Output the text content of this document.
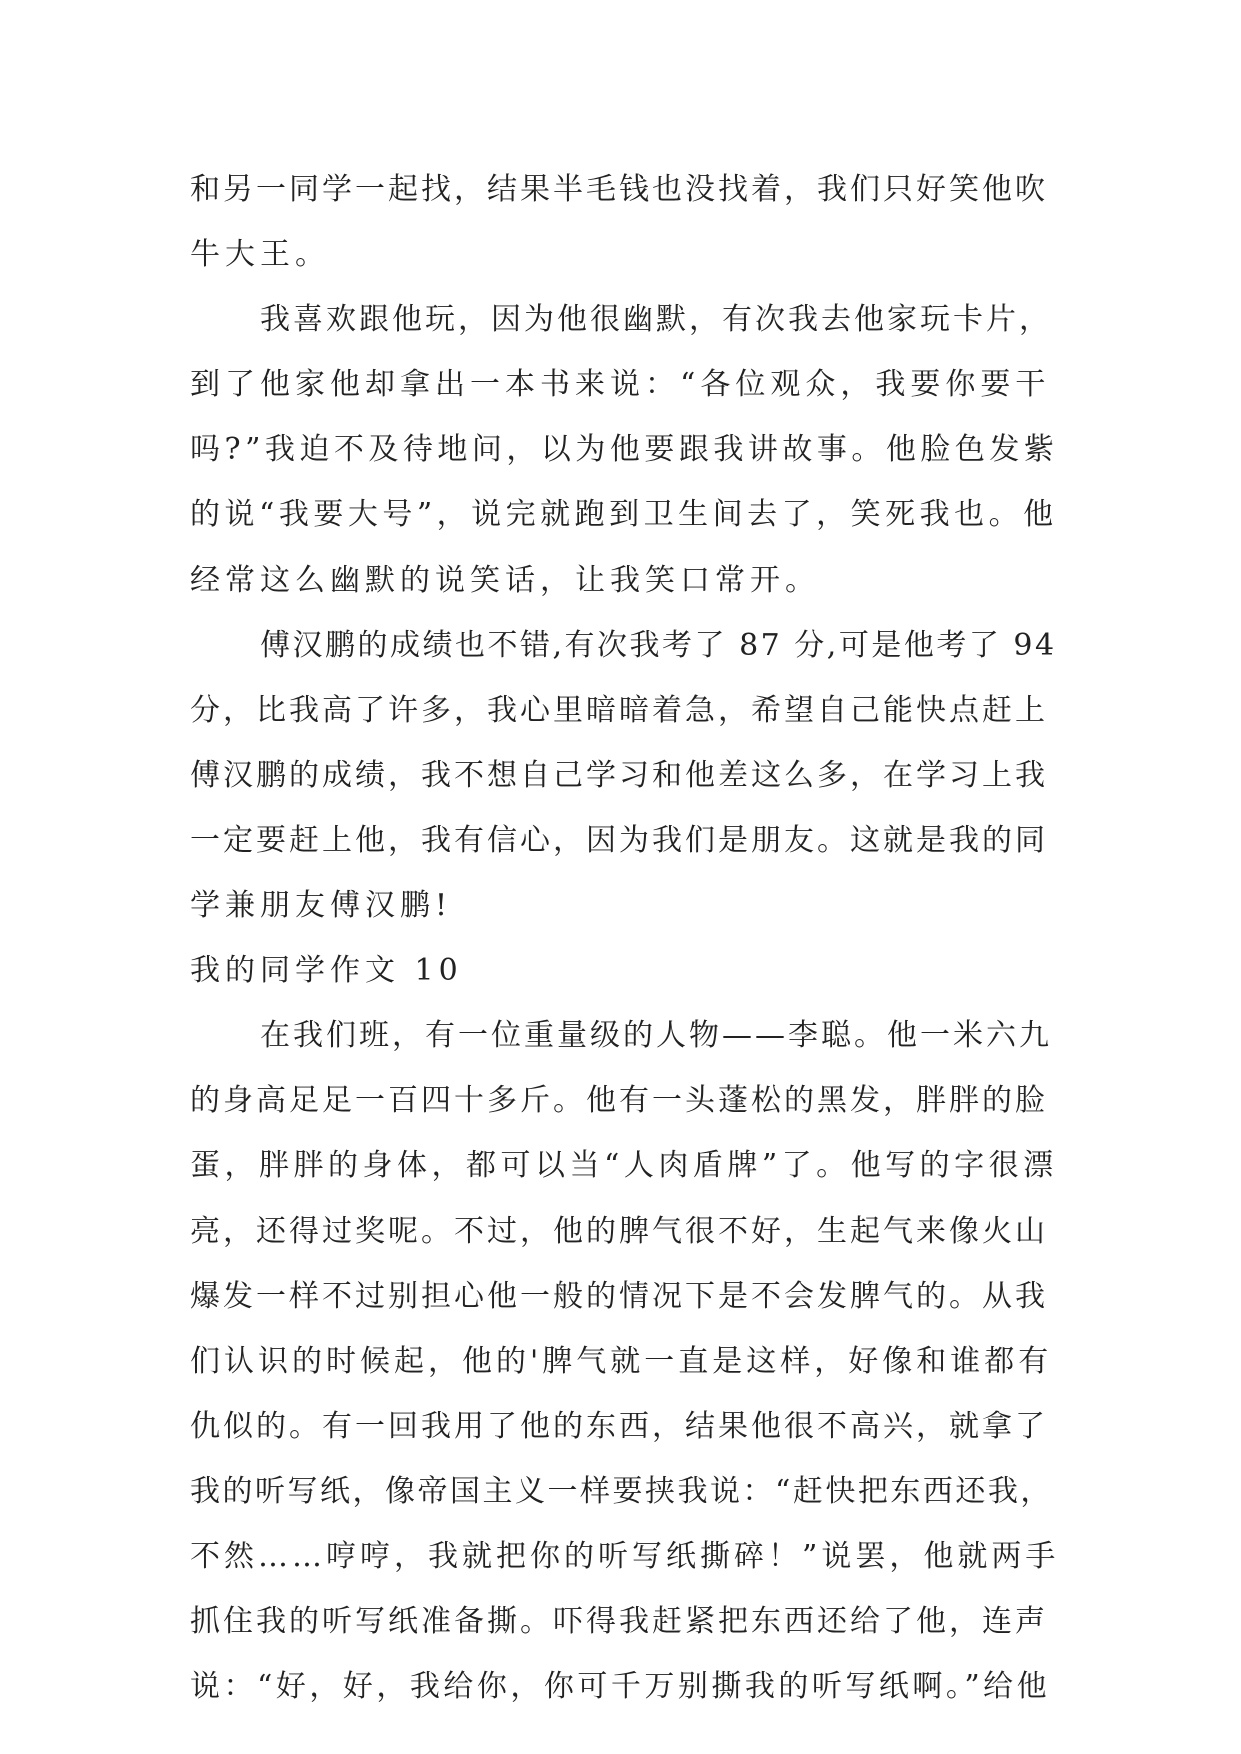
和另一同学一起找，结果半毛钱也没找着，我们只好笑他吹
牛大王。
我喜欢跟他玩，因为他很幽默，有次我去他家玩卡片，
到了他家他却拿出一本书来说：“各位观众，我要你要干
吗?”我迫不及待地问，以为他要跟我讲故事。他脸色发紫
的说“我要大号”，说完就跑到卫生间去了，笑死我也。他
经常这么幽默的说笑话，让我笑口常开。
傅汉鹏的成绩也不错,有次我考了 87 分,可是他考了 94
分，比我高了许多，我心里暗暗着急，希望自己能快点赶上
傅汉鹏的成绩，我不想自己学习和他差这么多，在学习上我
一定要赶上他，我有信心，因为我们是朋友。这就是我的同
学兼朋友傅汉鹏!
我的同学作文 10
在我们班，有一位重量级的人物——李聪。他一米六九
的身高足足一百四十多斤。他有一头蓬松的黑发，胖胖的脸
蛋，胖胖的身体，都可以当“人肉盾牌”了。他写的字很漂
亮，还得过奖呢。不过，他的脾气很不好，生起气来像火山
爆发一样不过别担心他一般的情况下是不会发脾气的。从我
们认识的时候起，他的'脾气就一直是这样，好像和谁都有
仇似的。有一回我用了他的东西，结果他很不高兴，就拿了
我的听写纸，像帝国主义一样要挟我说：“赶快把东西还我，
不然……哼哼，我就把你的听写纸撕碎！”说罢，他就两手
抓住我的听写纸准备撕。吓得我赶紧把东西还给了他，连声
说：“好，好，我给你，你可千万别撕我的听写纸啊。”给他
